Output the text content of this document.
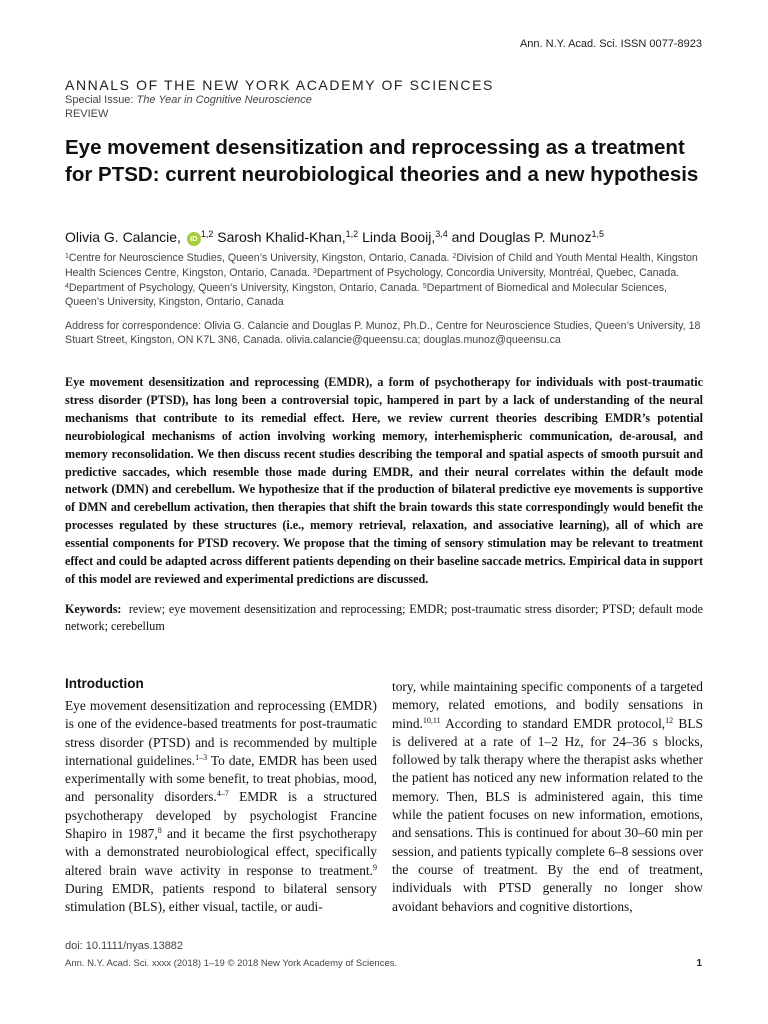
Ann. N.Y. Acad. Sci. ISSN 0077-8923
ANNALS OF THE NEW YORK ACADEMY OF SCIENCES
Special Issue: The Year in Cognitive Neuroscience
REVIEW
Eye movement desensitization and reprocessing as a treatment for PTSD: current neurobiological theories and a new hypothesis
Olivia G. Calancie, iD $^{1,2}$ Sarosh Khalid-Khan,$^{1,2}$ Linda Booij,$^{3,4}$ and Douglas P. Munoz$^{1,5}$
$^1$Centre for Neuroscience Studies, Queen’s University, Kingston, Ontario, Canada. $^2$Division of Child and Youth Mental Health, Kingston Health Sciences Centre, Kingston, Ontario, Canada. $^3$Department of Psychology, Concordia University, Montréal, Quebec, Canada. $^4$Department of Psychology, Queen’s University, Kingston, Ontario, Canada. $^5$Department of Biomedical and Molecular Sciences, Queen’s University, Kingston, Ontario, Canada
Address for correspondence: Olivia G. Calancie and Douglas P. Munoz, Ph.D., Centre for Neuroscience Studies, Queen’s University, 18 Stuart Street, Kingston, ON K7L 3N6, Canada. olivia.calancie@queensu.ca; douglas.munoz@queensu.ca

Eye movement desensitization and reprocessing (EMDR), a form of psychotherapy for individuals with post-traumatic stress disorder (PTSD), has long been a controversial topic, hampered in part by a lack of understanding of the neural mechanisms that contribute to its remedial effect. Here, we review current theories describing EMDR’s potential neurobiological mechanisms of action involving working memory, interhemispheric communication, de-arousal, and memory reconsolidation. We then discuss recent studies describing the temporal and spatial aspects of smooth pursuit and predictive saccades, which resemble those made during EMDR, and their neural correlates within the default mode network (DMN) and cerebellum. We hypothesize that if the production of bilateral predictive eye movements is supportive of DMN and cerebellum activation, then therapies that shift the brain towards this state correspondingly would benefit the processes regulated by these structures (i.e., memory retrieval, relaxation, and associative learning), all of which are essential components for PTSD recovery. We propose that the timing of sensory stimulation may be relevant to treatment effect and could be adapted across different patients depending on their baseline saccade metrics. Empirical data in support of this model are reviewed and experimental predictions are discussed.

Keywords: review; eye movement desensitization and reprocessing; EMDR; post-traumatic stress disorder; PTSD; default mode network; cerebellum

Introduction

Eye movement desensitization and reprocessing (EMDR) is one of the evidence-based treatments for post-traumatic stress disorder (PTSD) and is recommended by multiple international guidelines.$^{1-3}$ To date, EMDR has been used experimentally with some benefit, to treat phobias, mood, and personality disorders.$^{4-7}$ EMDR is a structured psychotherapy developed by psychologist Francine Shapiro in 1987,$^8$ and it became the first psychotherapy with a demonstrated neurobiological effect, specifically altered brain wave activity in response to treatment.$^9$ During EMDR, patients respond to bilateral sensory stimulation (BLS), either visual, tactile, or audi-

tory, while maintaining specific components of a targeted memory, related emotions, and bodily sensations in mind.$^{10,11}$ According to standard EMDR protocol,$^{12}$ BLS is delivered at a rate of 1–2 Hz, for 24–36 s blocks, followed by talk therapy where the therapist asks whether the patient has noticed any new information related to the memory. Then, BLS is administered again, this time while the patient focuses on new information, emotions, and sensations. This is continued for about 30–60 min per session, and patients typically complete 6–8 sessions over the course of treatment. By the end of treatment, individuals with PTSD generally no longer show avoidant behaviors and cognitive distortions,

doi: 10.1111/nyas.13882
Ann. N.Y. Acad. Sci. xxxx (2018) 1–19 © 2018 New York Academy of Sciences.	1
